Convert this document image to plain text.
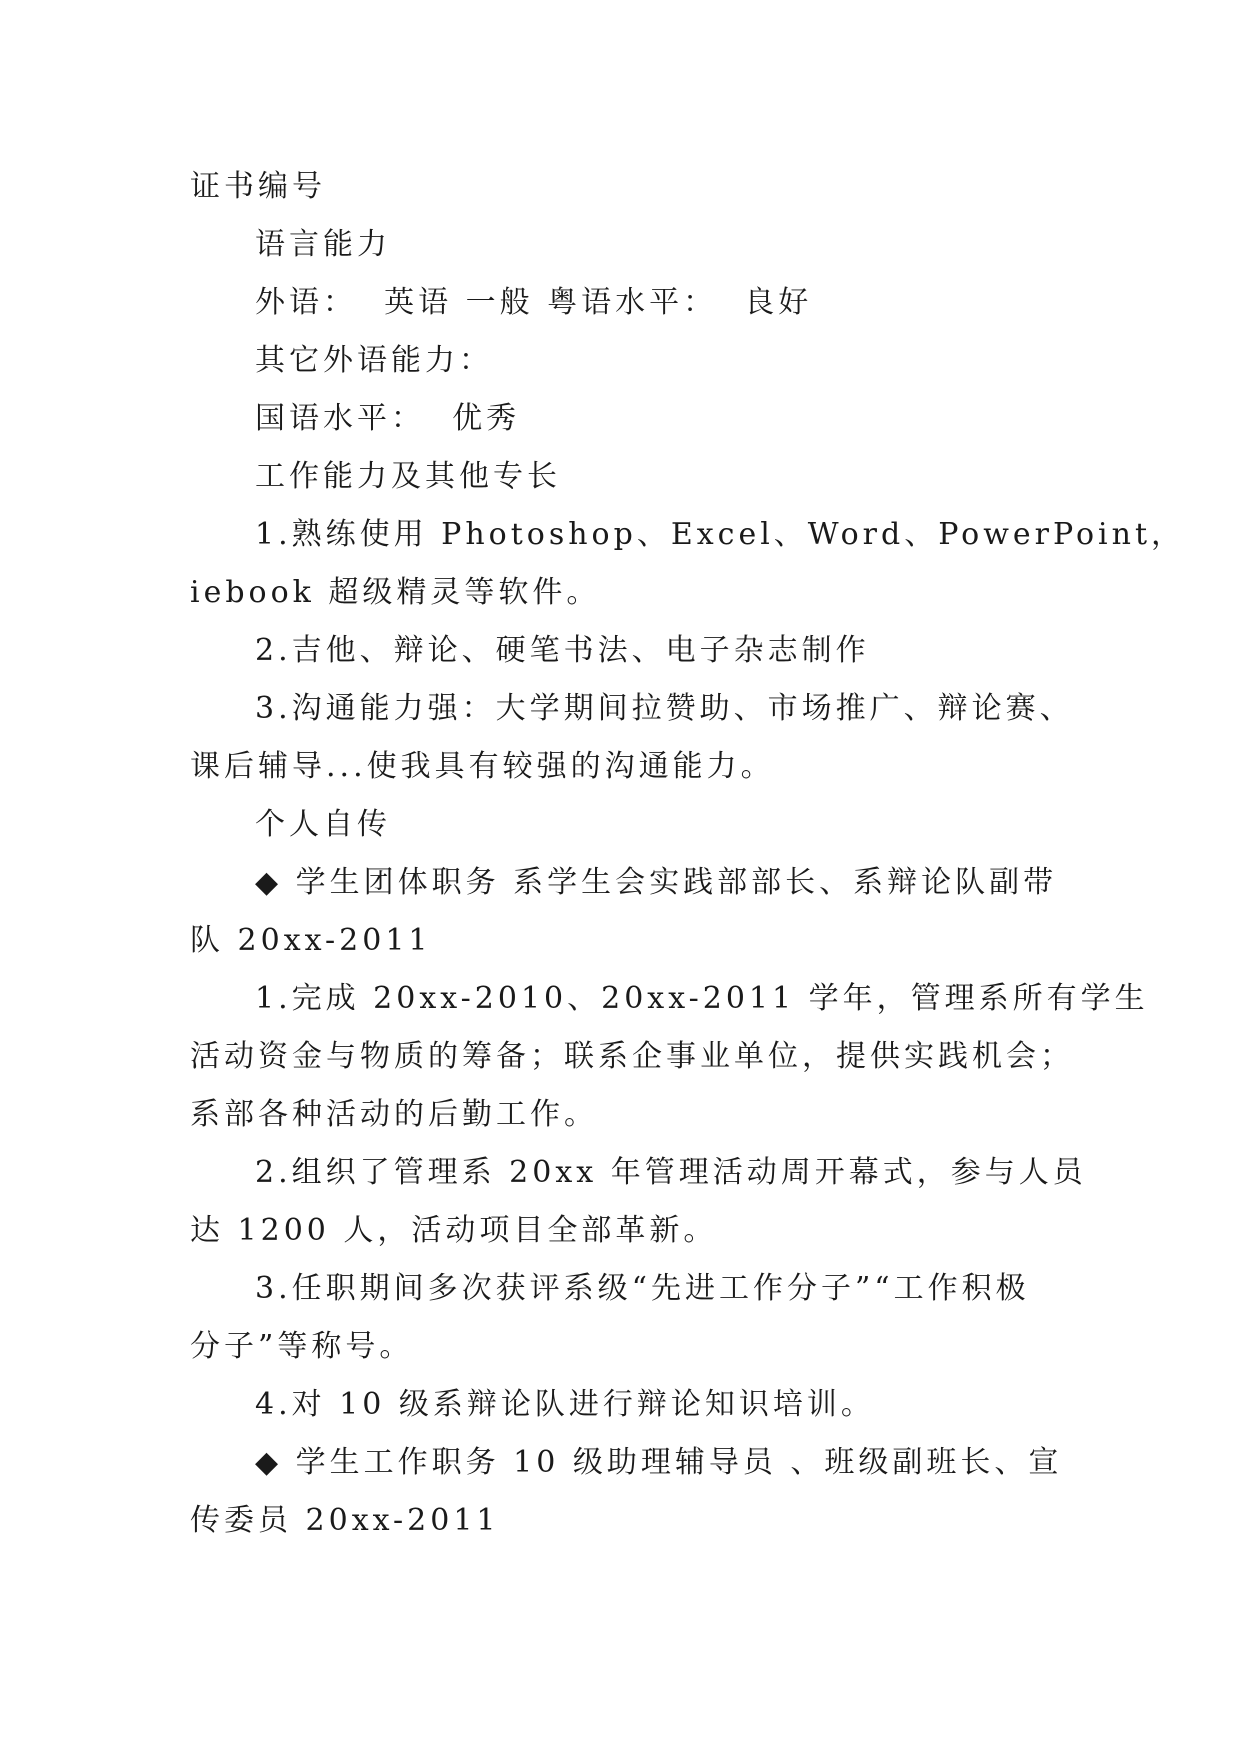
证书编号
语言能力
外语：  英语 一般 粤语水平：  良好
其它外语能力：
国语水平：  优秀
工作能力及其他专长
1.熟练使用 Photoshop、Excel、Word、PowerPoint，
iebook 超级精灵等软件。
2.吉他、辩论、硬笔书法、电子杂志制作
3.沟通能力强：大学期间拉赞助、市场推广、辩论赛、
课后辅导...使我具有较强的沟通能力。
个人自传
◆ 学生团体职务 系学生会实践部部长、系辩论队副带
队 20xx-2011
1.完成 20xx-2010、20xx-2011 学年，管理系所有学生
活动资金与物质的筹备；联系企事业单位，提供实践机会；
系部各种活动的后勤工作。
2.组织了管理系 20xx 年管理活动周开幕式，参与人员
达 1200 人，活动项目全部革新。
3.任职期间多次获评系级“先进工作分子”“工作积极
分子”等称号。
4.对 10 级系辩论队进行辩论知识培训。
◆ 学生工作职务 10 级助理辅导员 、班级副班长、宣
传委员 20xx-2011
